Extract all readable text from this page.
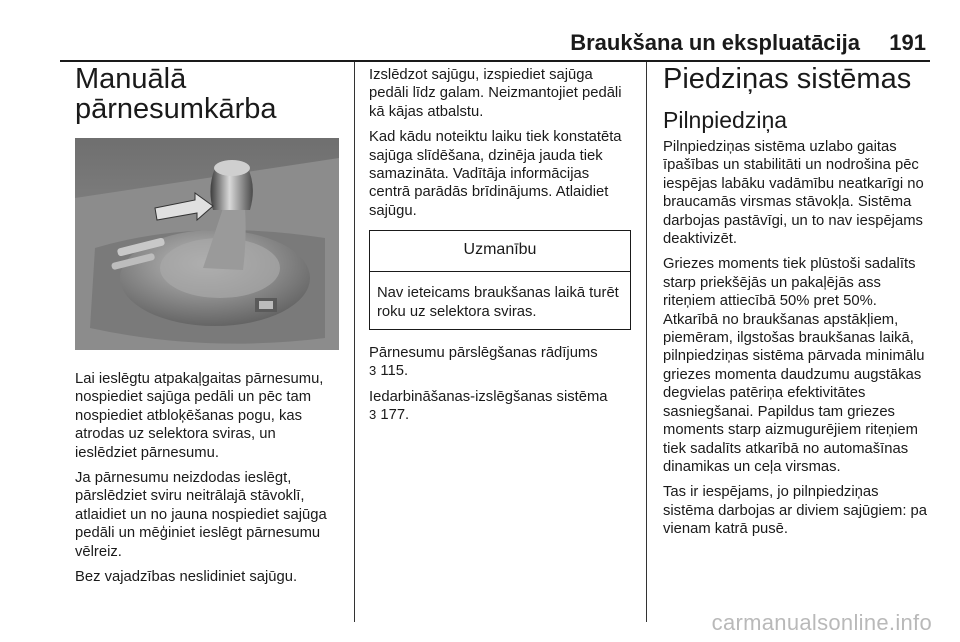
Braukšana un ekspluatācija 191
Manuālā
pārnesumkārba

Lai ieslēgtu atpakaļgaitas pārnesumu, nospiediet sajūga pedāli un pēc tam nospiediet atbloķēšanas pogu, kas atrodas uz selektora sviras, un ieslēdziet pārnesumu.

Ja pārnesumu neizdodas ieslēgt, pārslēdziet sviru neitrālajā stāvoklī, atlaidiet un no jauna nospiediet sajūga pedāli un mēģiniet ieslēgt pārnesumu vēlreiz.

Bez vajadzības neslidiniet sajūgu.

Izslēdzot sajūgu, izspiediet sajūga pedāli līdz galam. Neizmantojiet pedāli kā kājas atbalstu.

Kad kādu noteiktu laiku tiek konstatēta sajūga slīdēšana, dzinēja jauda tiek samazināta. Vadītāja informācijas centrā parādās brīdinājums. Atlaidiet sajūgu.

Uzmanību

Nav ieteicams braukšanas laikā turēt roku uz selektora sviras.

Pārnesumu pārslēgšanas rādījums
3 115.

Iedarbināšanas-izslēgšanas sistēma
3 177.

Piedziņas sistēmas
Pilnpiedziņa

Pilnpiedziņas sistēma uzlabo gaitas īpašības un stabilitāti un nodrošina pēc iespējas labāku vadāmību neatkarīgi no braucamās virsmas stāvokļa. Sistēma darbojas pastāvīgi, un to nav iespējams deaktivizēt.

Griezes moments tiek plūstoši sadalīts starp priekšējās un pakaļējās ass riteņiem attiecībā 50% pret 50%. Atkarībā no braukšanas apstākļiem, piemēram, ilgstošas braukšanas laikā, pilnpiedziņas sistēma pārvada minimālu griezes momenta daudzumu augstākas degvielas patēriņa efektivitātes sasniegšanai. Papildus tam griezes moments starp aizmugurējiem riteņiem tiek sadalīts atkarībā no automašīnas dinamikas un ceļa virsmas.

Tas ir iespējams, jo pilnpiedziņas sistēma darbojas ar diviem sajūgiem: pa vienam katrā pusē.

carmanualsonline.info
